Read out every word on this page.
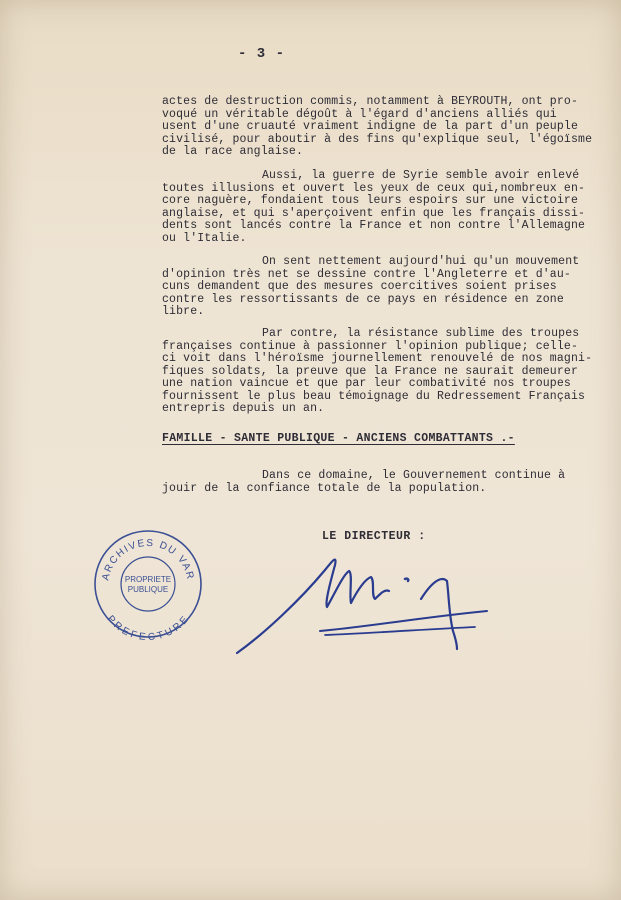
- 3 -
actes de destruction commis, notamment à BEYROUTH, ont pro-
voqué un véritable dégoût à l'égard d'anciens alliés qui
usent d'une cruauté vraiment indigne de la part d'un peuple
civilisé, pour aboutir à des fins qu'explique seul, l'égoïsme
de la race anglaise.
Aussi, la guerre de Syrie semble avoir enlevé
toutes illusions et ouvert les yeux de ceux qui,nombreux en-
core naguère, fondaient tous leurs espoirs sur une victoire
anglaise, et qui s'aperçoivent enfin que les français dissi-
dents sont lancés contre la France et non contre l'Allemagne
ou l'Italie.
On sent nettement aujourd'hui qu'un mouvement
d'opinion très net se dessine contre l'Angleterre et d'au-
cuns demandent que des mesures coercitives soient prises
contre les ressortissants de ce pays en résidence en zone
libre.
Par contre, la résistance sublime des troupes
françaises continue à passionner l'opinion publique; celle-
ci voit dans l'héroïsme journellement renouvelé de nos magni-
fiques soldats, la preuve que la France ne saurait demeurer
une nation vaincue et que par leur combativité nos troupes
fournissent le plus beau témoignage du Redressement Français
entrepris depuis un an.
FAMILLE - SANTE PUBLIQUE - ANCIENS COMBATTANTS .-
Dans ce domaine, le Gouvernement continue à
jouir de la confiance totale de la population.
LE DIRECTEUR :
ARCHIVES DU VAR
PREFECTURE
PROPRIETE
PUBLIQUE
